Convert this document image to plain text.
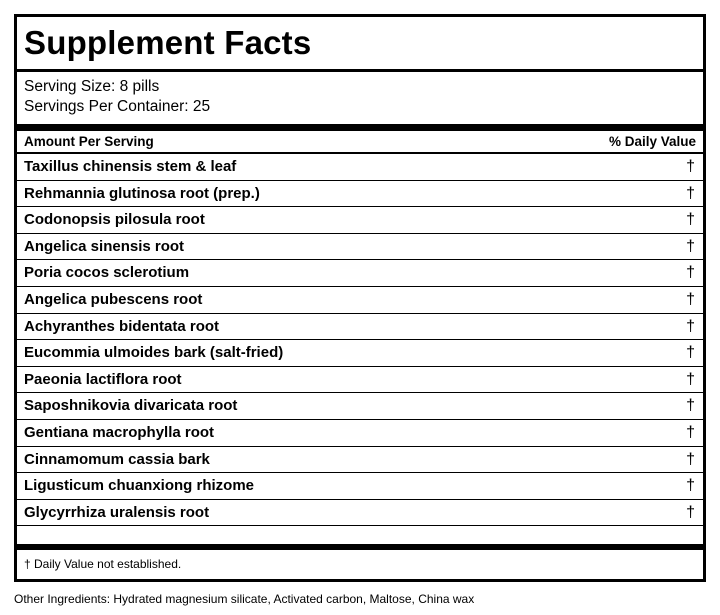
Supplement Facts
Serving Size: 8 pills
Servings Per Container: 25
Amount Per Serving	% Daily Value
Taxillus chinensis stem & leaf	†
Rehmannia glutinosa root (prep.)	†
Codonopsis pilosula root	†
Angelica sinensis root	†
Poria cocos sclerotium	†
Angelica pubescens root	†
Achyranthes bidentata root	†
Eucommia ulmoides bark (salt-fried)	†
Paeonia lactiflora root	†
Saposhnikovia divaricata root	†
Gentiana macrophylla root	†
Cinnamomum cassia bark	†
Ligusticum chuanxiong rhizome	†
Glycyrrhiza uralensis root	†
† Daily Value not established.
Other Ingredients: Hydrated magnesium silicate, Activated carbon, Maltose, China wax
